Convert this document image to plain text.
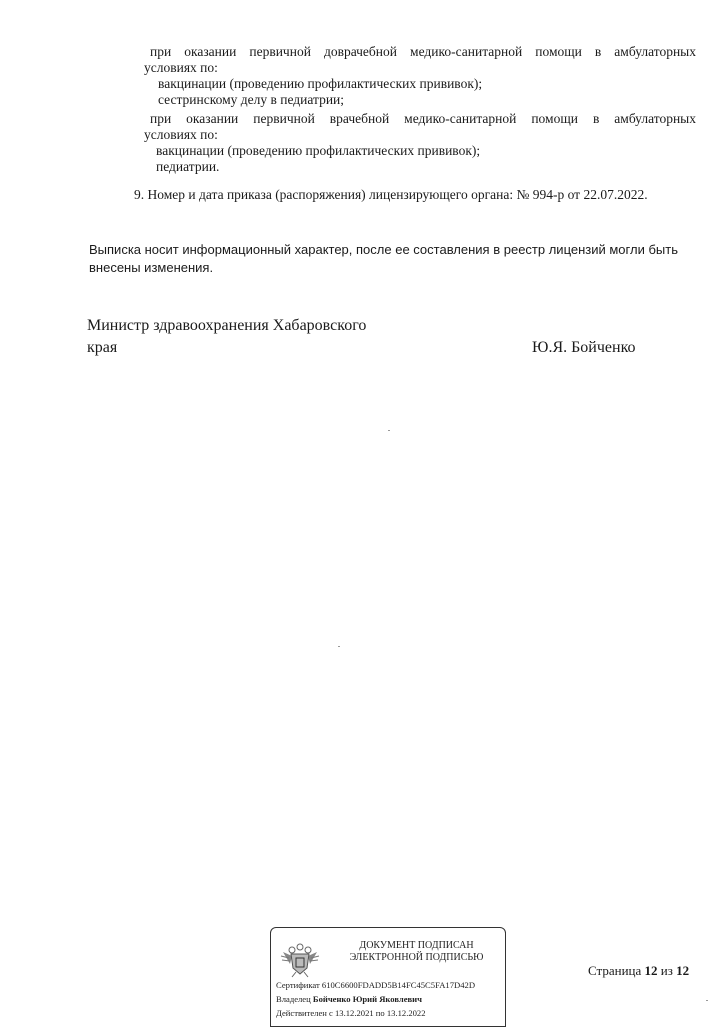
при оказании первичной доврачебной медико-санитарной помощи в амбулаторных
условиях по:
вакцинации (проведению профилактических прививок);
сестринскому делу в педиатрии;
при оказании первичной врачебной медико-санитарной помощи в амбулаторных
условиях по:
вакцинации (проведению профилактических прививок);
педиатрии.
9. Номер и дата приказа (распоряжения) лицензирующего органа: № 994-р от 22.07.2022.
Выписка носит информационный характер, после ее составления в реестр лицензий могли быть
внесены изменения.
Министр здравоохранения Хабаровского
края	Ю.Я. Бойченко
ДОКУМЕНТ ПОДПИСАН
ЭЛЕКТРОННОЙ ПОДПИСЬЮ
Сертификат 610C6600FDADD5B14FC45C5FA17D42D
Владелец Бойченко Юрий Яковлевич
Действителен с 13.12.2021 по 13.12.2022
Страница 12 из 12
